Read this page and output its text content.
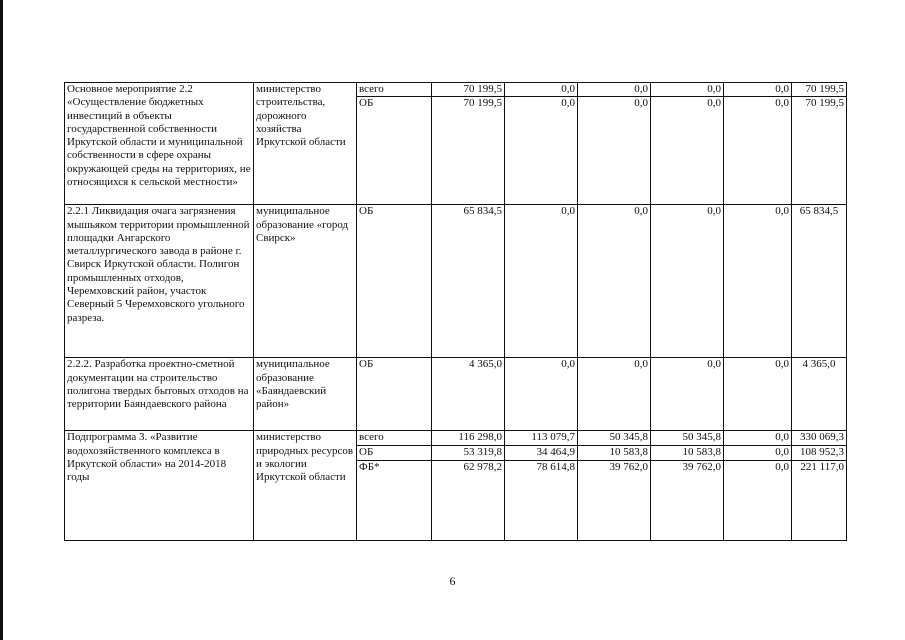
Основное мероприятие 2.2 «Осуществление бюджетных инвестиций в объекты государственной собственности Иркутской области и муниципальной собственности в сфере охраны окружающей среды на территориях, не относящихся к сельской местности»	министерство строительства, дорожного хозяйства Иркутской области	всего	70 199,5	0,0	0,0	0,0	0,0	70 199,5
		ОБ	70 199,5	0,0	0,0	0,0	0,0	70 199,5
2.2.1 Ликвидация очага загрязнения мышьяком территории промышленной площадки Ангарского металлургического завода в районе г. Свирск Иркутской области. Полигон промышленных отходов, Черемховский район, участок Северный 5 Черемховского угольного разреза.	муниципальное образование «город Свирск»	ОБ	65 834,5	0,0	0,0	0,0	0,0	65 834,5
2.2.2. Разработка проектно-сметной документации на строительство полигона твердых бытовых отходов на территории Баяндаевского района	муниципальное образование «Баяндаевский район»	ОБ	4 365,0	0,0	0,0	0,0	0,0	4 365,0
Подпрограмма 3. «Развитие водохозяйственного комплекса в Иркутской области» на 2014-2018 годы	министерство природных ресурсов и экологии Иркутской области	всего	116 298,0	113 079,7	50 345,8	50 345,8	0,0	330 069,3
		ОБ	53 319,8	34 464,9	10 583,8	10 583,8	0,0	108 952,3
		ФБ*	62 978,2	78 614,8	39 762,0	39 762,0	0,0	221 117,0
6
